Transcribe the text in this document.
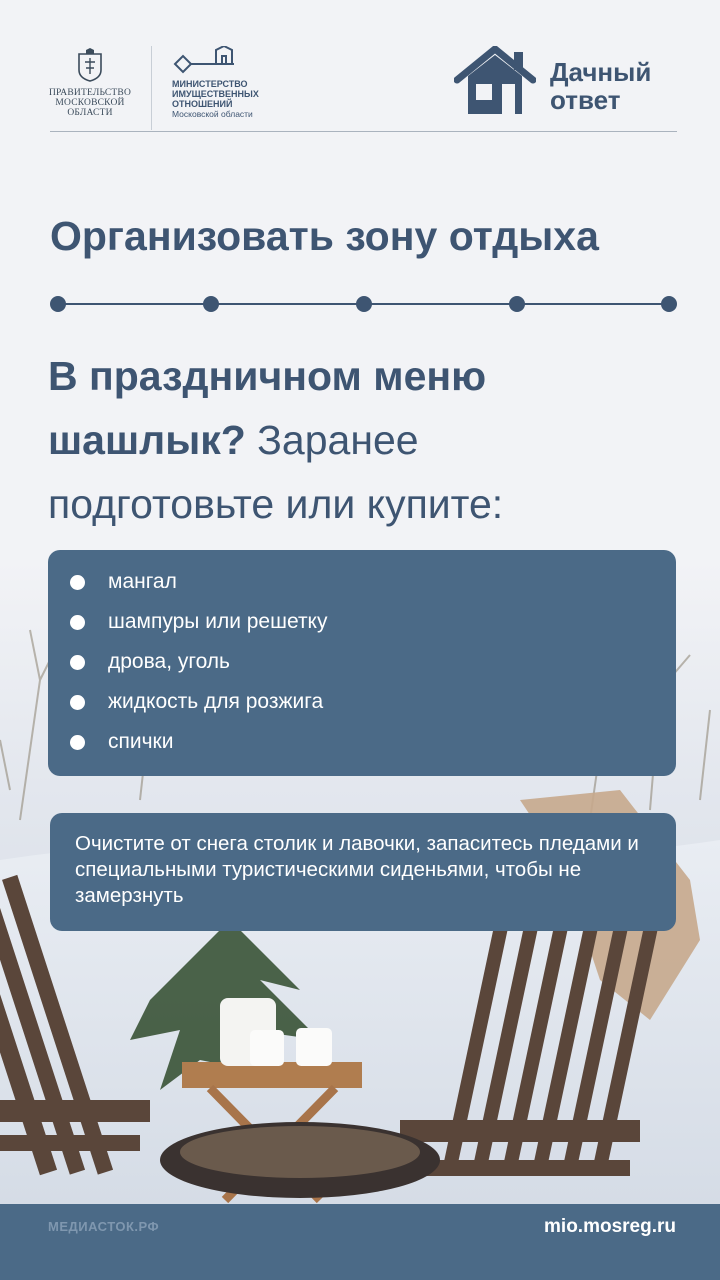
ПРАВИТЕЛЬСТВО
МОСКОВСКОЙ
ОБЛАСТИ
МИНИСТЕРСТВО
ИМУЩЕСТВЕННЫХ
ОТНОШЕНИЙ
Московской области
Дачный
ответ
Организовать зону отдыха
В праздничном меню
шашлык? Заранее
подготовьте или купите:
мангал
шампуры или решетку
дрова, уголь
жидкость для розжига
спички
Очистите от снега столик и лавочки, запаситесь пледами и специальными туристическими сиденьями, чтобы не замерзнуть
МЕДИАСТОК.РФ	mio.mosreg.ru
